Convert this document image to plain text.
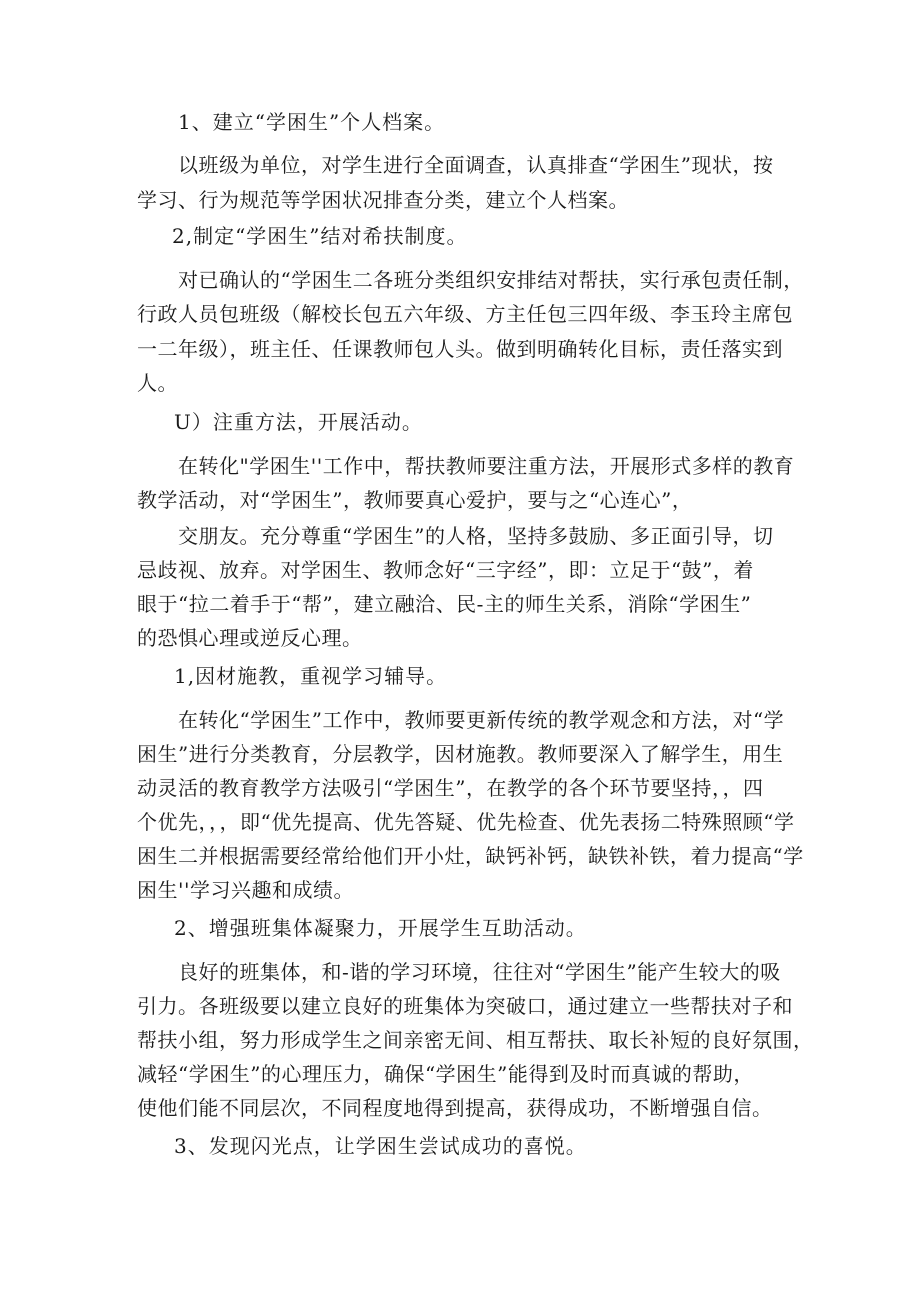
1、建立“学困生”个人档案。
以班级为单位，对学生进行全面调查，认真排查“学困生”现状，按
学习、行为规范等学困状况排查分类，建立个人档案。
2,制定“学困生”结对希扶制度。
对已确认的“学困生二各班分类组织安排结对帮扶，实行承包责任制，
行政人员包班级（解校长包五六年级、方主任包三四年级、李玉玲主席包
一二年级），班主任、任课教师包人头。做到明确转化目标，责任落实到
人。
U）注重方法，开展活动。
在转化"学困生''工作中，帮扶教师要注重方法，开展形式多样的教育
教学活动，对“学困生”，教师要真心爱护，要与之“心连心”，
交朋友。充分尊重“学困生”的人格，坚持多鼓励、多正面引导，切
忌歧视、放弃。对学困生、教师念好“三字经”，即：立足于“鼓”，着
眼于“拉二着手于“帮”，建立融洽、民-主的师生关系，消除“学困生”
的恐惧心理或逆反心理。
1,因材施教，重视学习辅导。
在转化“学困生”工作中，教师要更新传统的教学观念和方法，对“学
困生”进行分类教育，分层教学，因材施教。教师要深入了解学生，用生
动灵活的教育教学方法吸引“学困生”，在教学的各个环节要坚持，，四
个优先，，，即“优先提高、优先答疑、优先检查、优先表扬二特殊照顾“学
困生二并根据需要经常给他们开小灶，缺钙补钙，缺铁补铁，着力提高“学
困生''学习兴趣和成绩。
2、增强班集体凝聚力，开展学生互助活动。
良好的班集体，和-谐的学习环境，往往对“学困生”能产生较大的吸
引力。各班级要以建立良好的班集体为突破口，通过建立一些帮扶对子和
帮扶小组，努力形成学生之间亲密无间、相互帮扶、取长补短的良好氛围，
减轻“学困生”的心理压力，确保“学困生”能得到及时而真诚的帮助，
使他们能不同层次，不同程度地得到提高，获得成功，不断增强自信。
3、发现闪光点，让学困生尝试成功的喜悦。
